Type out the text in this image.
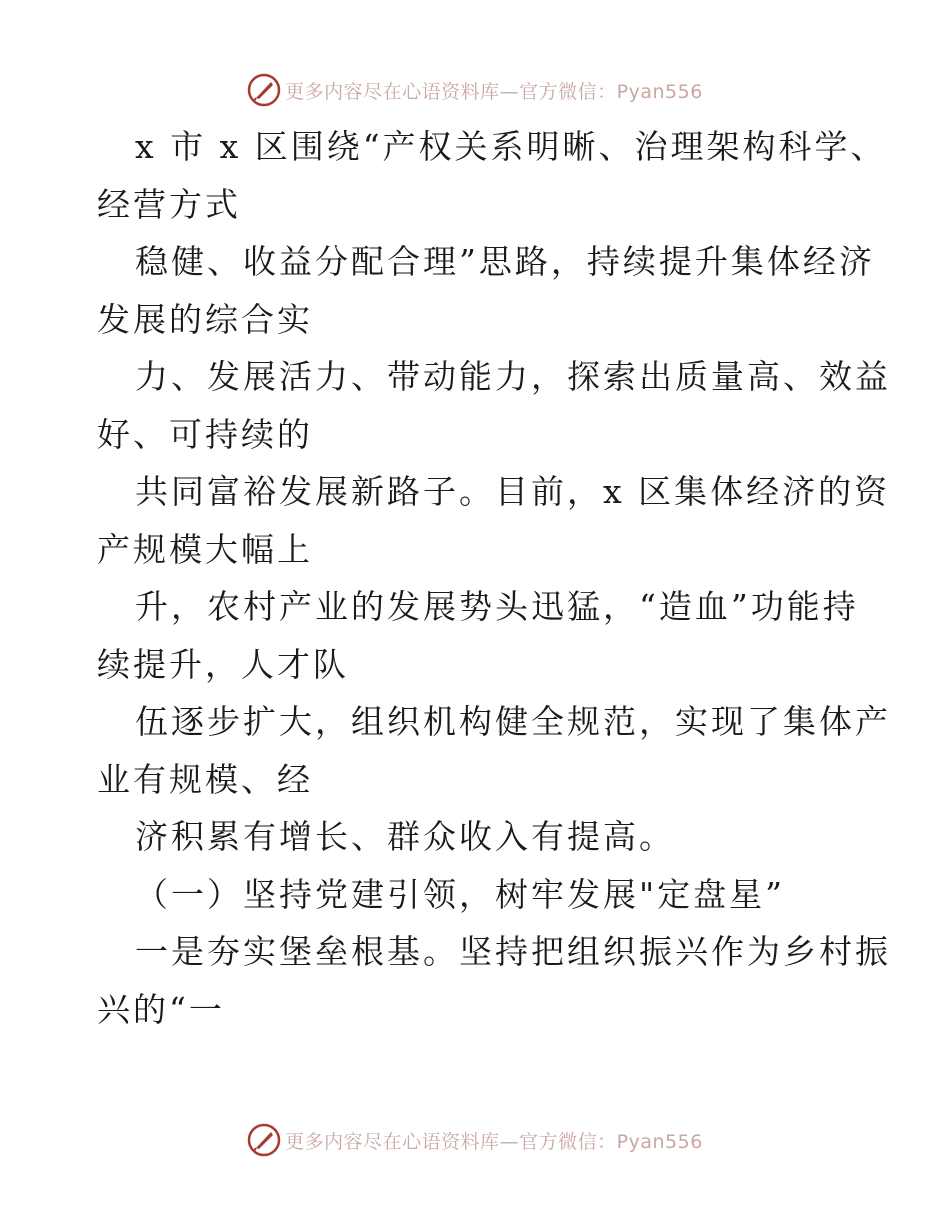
更多内容尽在心语资料库—官方微信：Pyan556
x 市 x 区围绕“产权关系明晰、治理架构科学、
经营方式
稳健、收益分配合理”思路，持续提升集体经济
发展的综合实
力、发展活力、带动能力，探索出质量高、效益
好、可持续的
共同富裕发展新路子。目前，x 区集体经济的资
产规模大幅上
升，农村产业的发展势头迅猛，“造血”功能持
续提升，人才队
伍逐步扩大，组织机构健全规范，实现了集体产
业有规模、经
济积累有增长、群众收入有提高。
（一）坚持党建引领，树牢发展"定盘星”
一是夯实堡垒根基。坚持把组织振兴作为乡村振
兴的“一
更多内容尽在心语资料库—官方微信：Pyan556
